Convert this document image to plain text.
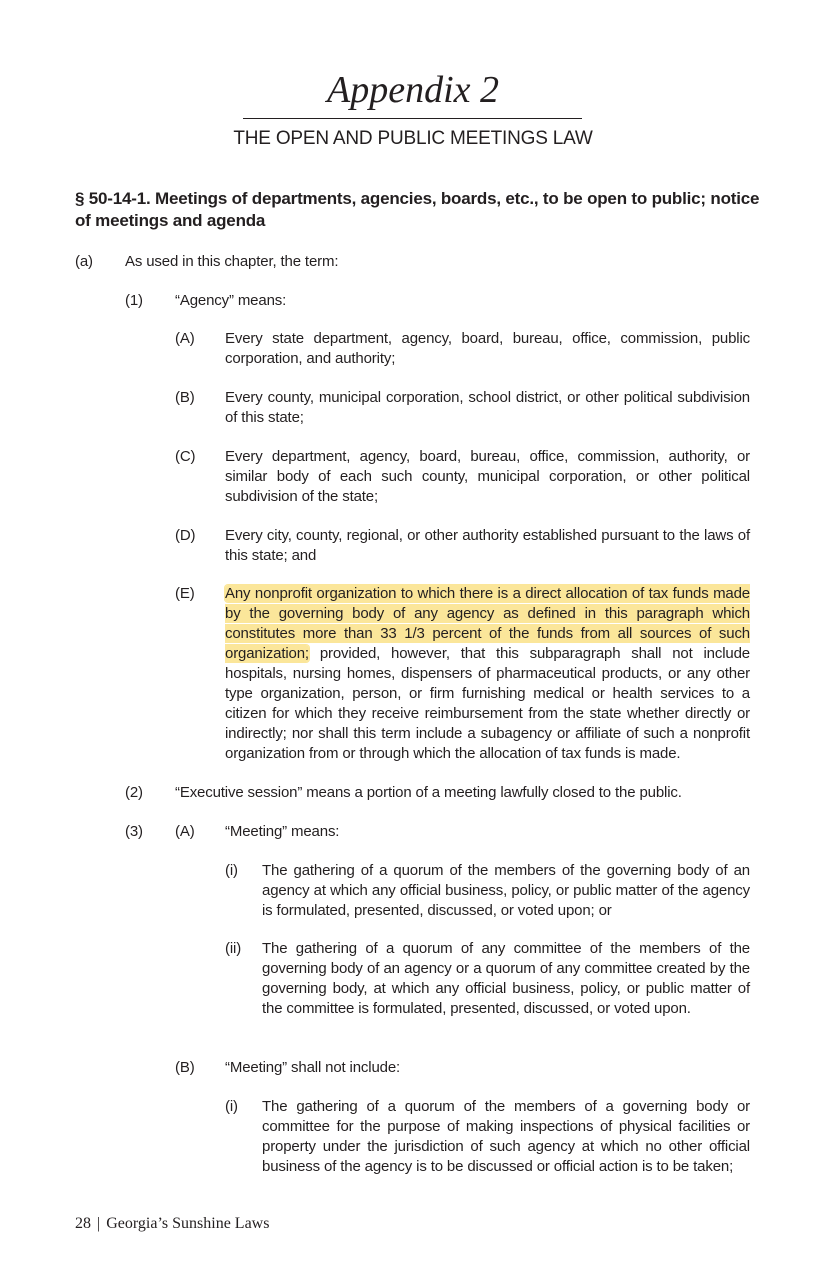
Appendix 2
THE OPEN AND PUBLIC MEETINGS LAW
§ 50-14-1. Meetings of departments, agencies, boards, etc., to be open to public; notice of meetings and agenda
(a) As used in this chapter, the term:
(1) “Agency” means:
(A) Every state department, agency, board, bureau, office, commission, public corporation, and authority;
(B) Every county, municipal corporation, school district, or other political subdivision of this state;
(C) Every department, agency, board, bureau, office, commission, authority, or similar body of each such county, municipal corporation, or other political subdivision of the state;
(D) Every city, county, regional, or other authority established pursuant to the laws of this state; and
(E) Any nonprofit organization to which there is a direct allocation of tax funds made by the governing body of any agency as defined in this paragraph which constitutes more than 33 1/3 percent of the funds from all sources of such organization; provided, however, that this subparagraph shall not include hospitals, nursing homes, dispensers of pharmaceutical products, or any other type organization, person, or firm furnishing medical or health services to a citizen for which they receive reimbursement from the state whether directly or indirectly; nor shall this term include a subagency or affiliate of such a nonprofit organization from or through which the allocation of tax funds is made.
(2) “Executive session” means a portion of a meeting lawfully closed to the public.
(3) (A) “Meeting” means:
(i) The gathering of a quorum of the members of the governing body of an agency at which any official business, policy, or public matter of the agency is formulated, presented, discussed, or voted upon; or
(ii) The gathering of a quorum of any committee of the members of the governing body of an agency or a quorum of any committee created by the governing body, at which any official business, policy, or public matter of the committee is formulated, presented, discussed, or voted upon.
(B) “Meeting” shall not include:
(i) The gathering of a quorum of the members of a governing body or committee for the purpose of making inspections of physical facilities or property under the jurisdiction of such agency at which no other official business of the agency is to be discussed or official action is to be taken;
28 | Georgia’s Sunshine Laws
